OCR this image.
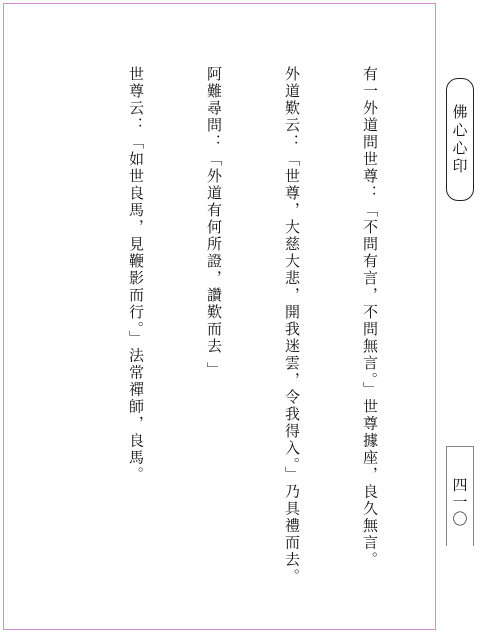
佛心心印
四一〇

有一外道問世尊：「不問有言，不問無言。」世尊據座，良久無言。

外道歎云：「世尊，大慈大悲，開我迷雲，令我得入。」乃具禮而去。

阿難尋問：「外道有何所證，讚歎而去 」

世尊云：「如世良馬，見鞭影而行。」法常禪師，良馬。
